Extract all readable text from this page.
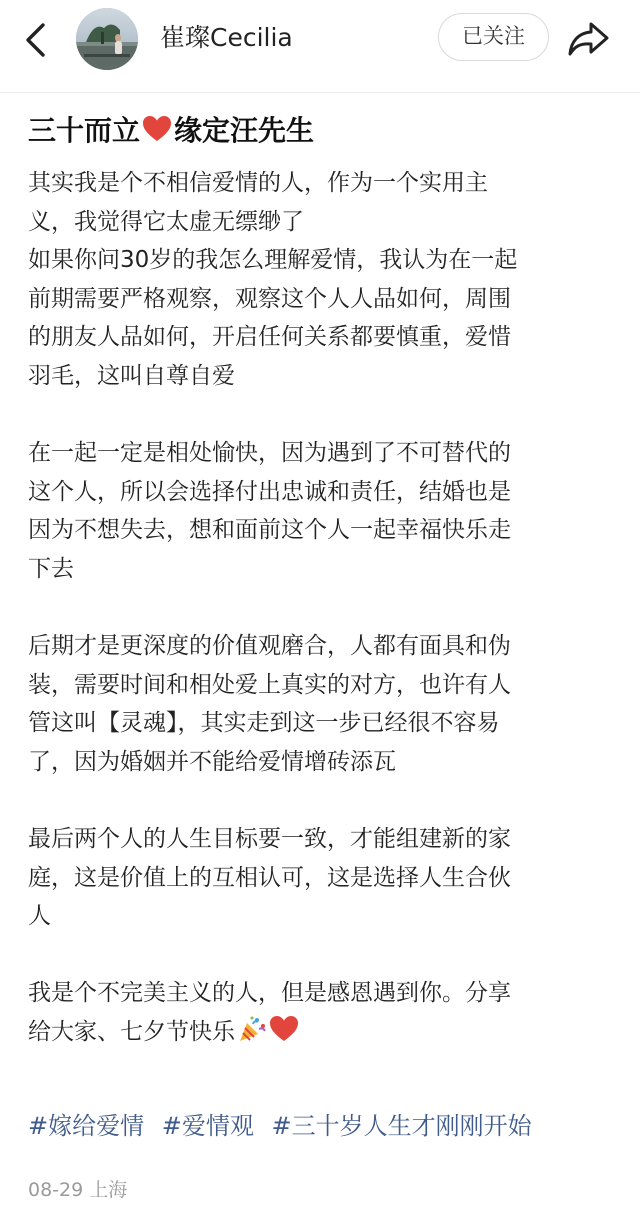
崔璨Cecilia	已关注
三十而立 缘定汪先生
其实我是个不相信爱情的人，作为一个实用主
义，我觉得它太虚无缥缈了
如果你问30岁的我怎么理解爱情，我认为在一起
前期需要严格观察，观察这个人人品如何，周围
的朋友人品如何，开启任何关系都要慎重，爱惜
羽毛，这叫自尊自爱
在一起一定是相处愉快，因为遇到了不可替代的
这个人，所以会选择付出忠诚和责任，结婚也是
因为不想失去，想和面前这个人一起幸福快乐走
下去
后期才是更深度的价值观磨合，人都有面具和伪
装，需要时间和相处爱上真实的对方，也许有人
管这叫【灵魂】，其实走到这一步已经很不容易
了，因为婚姻并不能给爱情增砖添瓦
最后两个人的人生目标要一致，才能组建新的家
庭，这是价值上的互相认可，这是选择人生合伙
人
我是个不完美主义的人，但是感恩遇到你。分享
给大家、七夕节快乐
#嫁给爱情 #爱情观 #三十岁人生才刚刚开始
08-29 上海
